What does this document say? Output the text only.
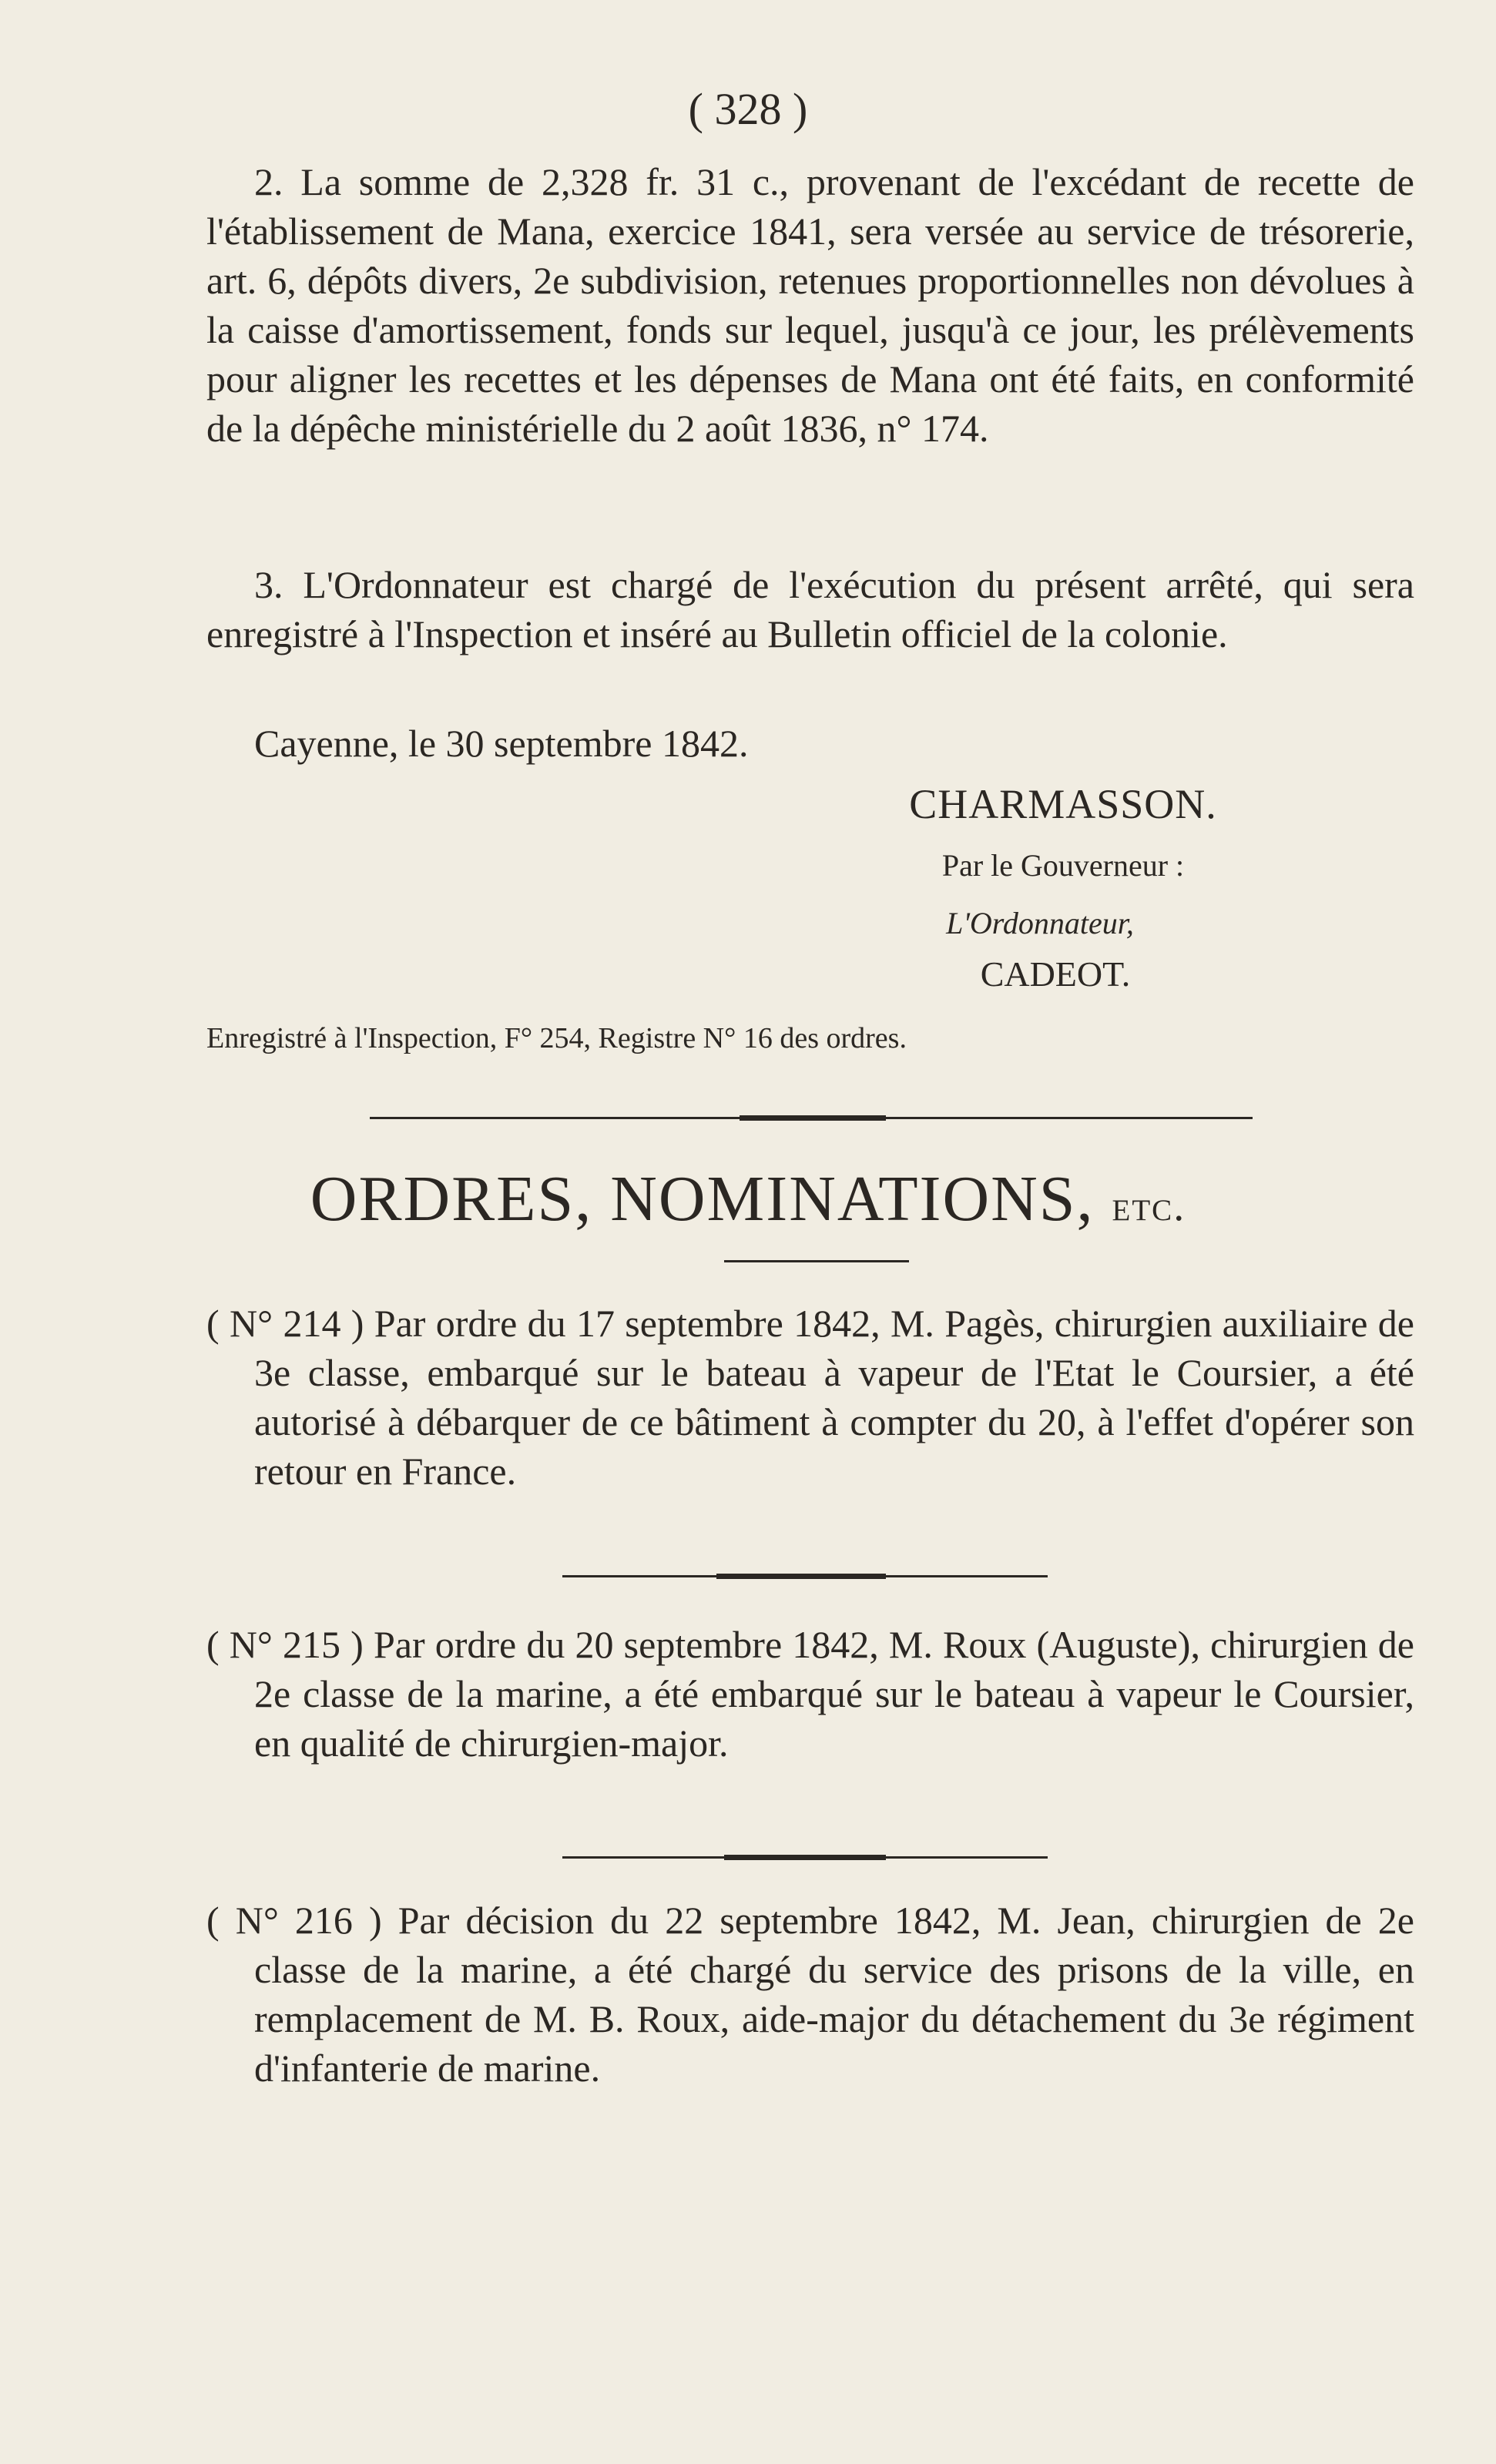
( 328 )
2. La somme de 2,328 fr. 31 c., provenant de l'excédant de recette de l'établissement de Mana, exercice 1841, sera versée au service de trésorerie, art. 6, dépôts divers, 2e subdivision, retenues proportionnelles non dévolues à la caisse d'amortissement, fonds sur lequel, jusqu'à ce jour, les prélèvements pour aligner les recettes et les dépenses de Mana ont été faits, en conformité de la dépêche ministérielle du 2 août 1836, n° 174.
3. L'Ordonnateur est chargé de l'exécution du présent arrêté, qui sera enregistré à l'Inspection et inséré au Bulletin officiel de la colonie.
Cayenne, le 30 septembre 1842.
CHARMASSON.
Par le Gouverneur :
L'Ordonnateur,
CADEOT.
Enregistré à l'Inspection, F° 254, Registre N° 16 des ordres.
ORDRES, NOMINATIONS, etc.
( N° 214 ) Par ordre du 17 septembre 1842, M. Pagès, chirurgien auxiliaire de 3e classe, embarqué sur le bateau à vapeur de l'Etat le Coursier, a été autorisé à débarquer de ce bâtiment à compter du 20, à l'effet d'opérer son retour en France.
( N° 215 ) Par ordre du 20 septembre 1842, M. Roux (Auguste), chirurgien de 2e classe de la marine, a été embarqué sur le bateau à vapeur le Coursier, en qualité de chirurgien-major.
( N° 216 ) Par décision du 22 septembre 1842, M. Jean, chirurgien de 2e classe de la marine, a été chargé du service des prisons de la ville, en remplacement de M. B. Roux, aide-major du détachement du 3e régiment d'infanterie de marine.
